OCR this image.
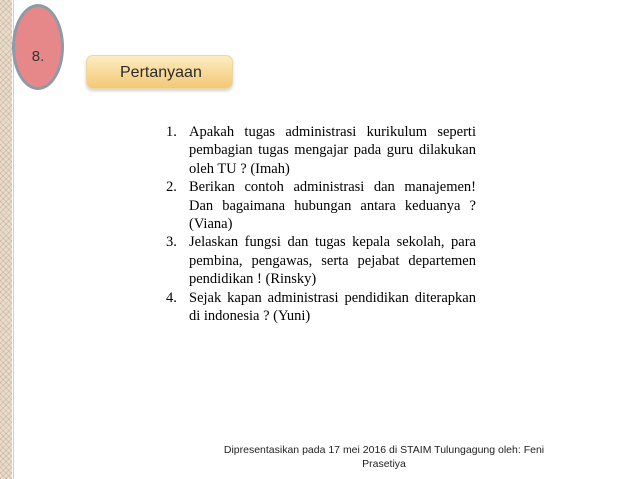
8.
Pertanyaan
1. Apakah tugas administrasi kurikulum seperti pembagian tugas mengajar pada guru dilakukan oleh TU ? (Imah)
2. Berikan contoh administrasi dan manajemen! Dan bagaimana hubungan antara keduanya ? (Viana)
3. Jelaskan fungsi dan tugas kepala sekolah, para pembina, pengawas, serta pejabat departemen pendidikan ! (Rinsky)
4. Sejak kapan administrasi pendidikan diterapkan di indonesia ? (Yuni)
Dipresentasikan pada 17 mei 2016 di STAIM Tulungagung oleh: Feni
Prasetiya
